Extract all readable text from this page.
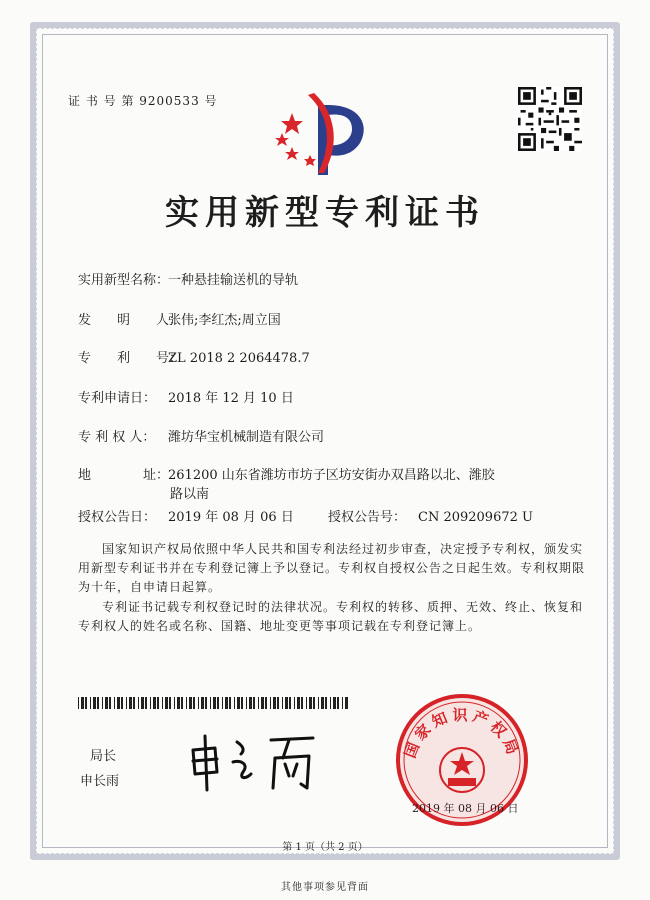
证 书 号 第 9200533 号
实用新型专利证书
实用新型名称：一种悬挂输送机的导轨
发　　明　　人：张伟;李红杰;周立国
专　　利　　号：ZL 2018 2 2064478.7
专利申请日： 2018 年 12 月 10 日
专 利 权 人： 潍坊华宝机械制造有限公司
地　　　　址：261200 山东省潍坊市坊子区坊安街办双昌路以北、潍胶
路以南
授权公告日： 2019 年 08 月 06 日	授权公告号： CN 209209672 U
国家知识产权局依照中华人民共和国专利法经过初步审查，决定授予专利权，颁发实用新型专利证书并在专利登记簿上予以登记。专利权自授权公告之日起生效。专利权期限为十年，自申请日起算。
专利证书记载专利权登记时的法律状况。专利权的转移、质押、无效、终止、恢复和专利权人的姓名或名称、国籍、地址变更等事项记载在专利登记簿上。
局长
申长雨
国家知识产权局
2019 年 08 月 06 日
第 1 页（共 2 页）
其他事项参见背面
